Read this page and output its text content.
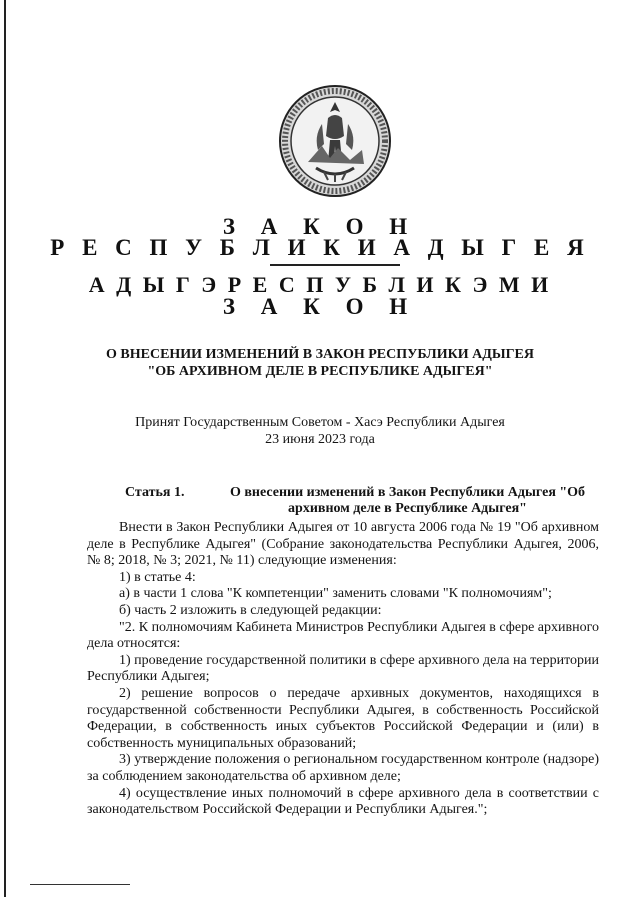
З А К О Н
Р Е С П У Б Л И К И А Д Ы Г Е Я
А Д Ы Г Э Р Е С П У Б Л И К Э М И
З А К О Н
О ВНЕСЕНИИ ИЗМЕНЕНИЙ В ЗАКОН РЕСПУБЛИКИ АДЫГЕЯ
"ОБ АРХИВНОМ ДЕЛЕ В РЕСПУБЛИКЕ АДЫГЕЯ"
Принят Государственным Советом - Хасэ Республики Адыгея
23 июня 2023 года
Статья 1.	О внесении изменений в Закон Республики Адыгея "Об архивном деле в Республике Адыгея"

Внести в Закон Республики Адыгея от 10 августа 2006 года № 19 "Об архивном деле в Республике Адыгея" (Собрание законодательства Республики Адыгея, 2006, № 8; 2018, № 3; 2021, № 11) следующие изменения:

1) в статье 4:

а) в части 1 слова "К компетенции" заменить словами "К полномочиям";

б) часть 2 изложить в следующей редакции:

"2. К полномочиям Кабинета Министров Республики Адыгея в сфере архивного дела относятся:

1) проведение государственной политики в сфере архивного дела на территории Республики Адыгея;

2) решение вопросов о передаче архивных документов, находящихся в государственной собственности Республики Адыгея, в собственность Российской Федерации, в собственность иных субъектов Российской Федерации и (или) в собственность муниципальных образований;

3) утверждение положения о региональном государственном контроле (надзоре) за соблюдением законодательства об архивном деле;

4) осуществление иных полномочий в сфере архивного дела в соответствии с законодательством Российской Федерации и Республики Адыгея.";
